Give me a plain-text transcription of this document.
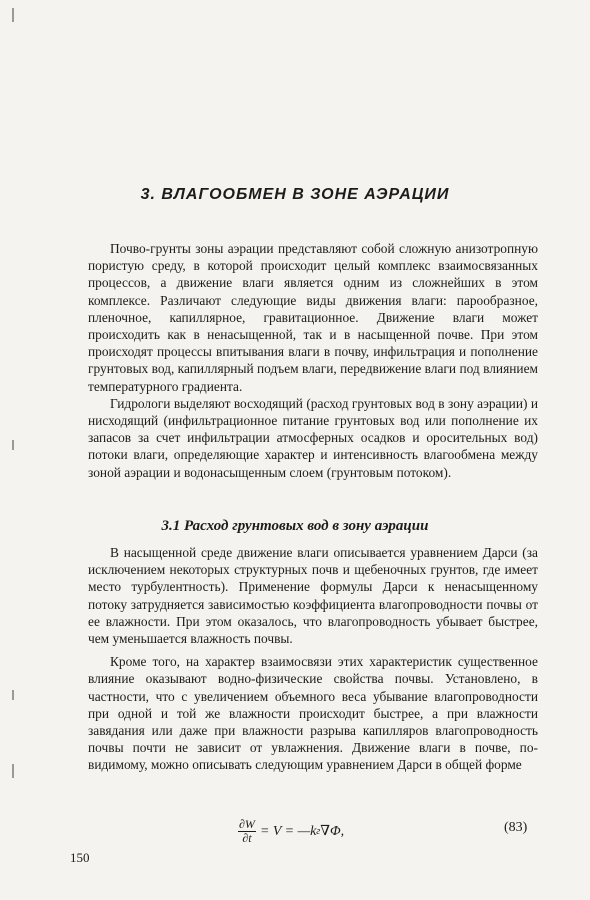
3. ВЛАГООБМЕН В ЗОНЕ АЭРАЦИИ

Почво-грунты зоны аэрации представляют собой сложную анизотропную пористую среду, в которой происходит целый комплекс взаимосвязанных процессов, а движение влаги является одним из сложнейших в этом комплексе. Различают следующие виды движения влаги: парообразное, пленочное, капиллярное, гравитационное. Движение влаги может происходить как в ненасыщенной, так и в насыщенной почве. При этом происходят процессы впитывания влаги в почву, инфильтрация и пополнение грунтовых вод, капиллярный подъем влаги, передвижение влаги под влиянием температурного градиента.

Гидрологи выделяют восходящий (расход грунтовых вод в зону аэрации) и нисходящий (инфильтрационное питание грунтовых вод или пополнение их запасов за счет инфильтрации атмосферных осадков и оросительных вод) потоки влаги, определяющие характер и интенсивность влагообмена между зоной аэрации и водонасыщенным слоем (грунтовым потоком).

3.1 Расход грунтовых вод в зону аэрации

В насыщенной среде движение влаги описывается уравнением Дарси (за исключением некоторых структурных почв и щебеночных грунтов, где имеет место турбулентность). Применение формулы Дарси к ненасыщенному потоку затрудняется зависимостью коэффициента влагопроводности почвы от ее влажности. При этом оказалось, что влагопроводность убывает быстрее, чем уменьшается влажность почвы.

Кроме того, на характер взаимосвязи этих характеристик существенное влияние оказывают водно-физические свойства почвы. Установлено, в частности, что с увеличением объемного веса убывание влагопроводности при одной и той же влажности происходит быстрее, а при влажности завядания или даже при влажности разрыва капилляров влагопроводность почвы почти не зависит от увлажнения. Движение влаги в почве, по-видимому, можно описывать следующим уравнением Дарси в общей форме

$\frac{\partial W}{\partial t} = V$ = —k г ∇Φ,	(83)
150
